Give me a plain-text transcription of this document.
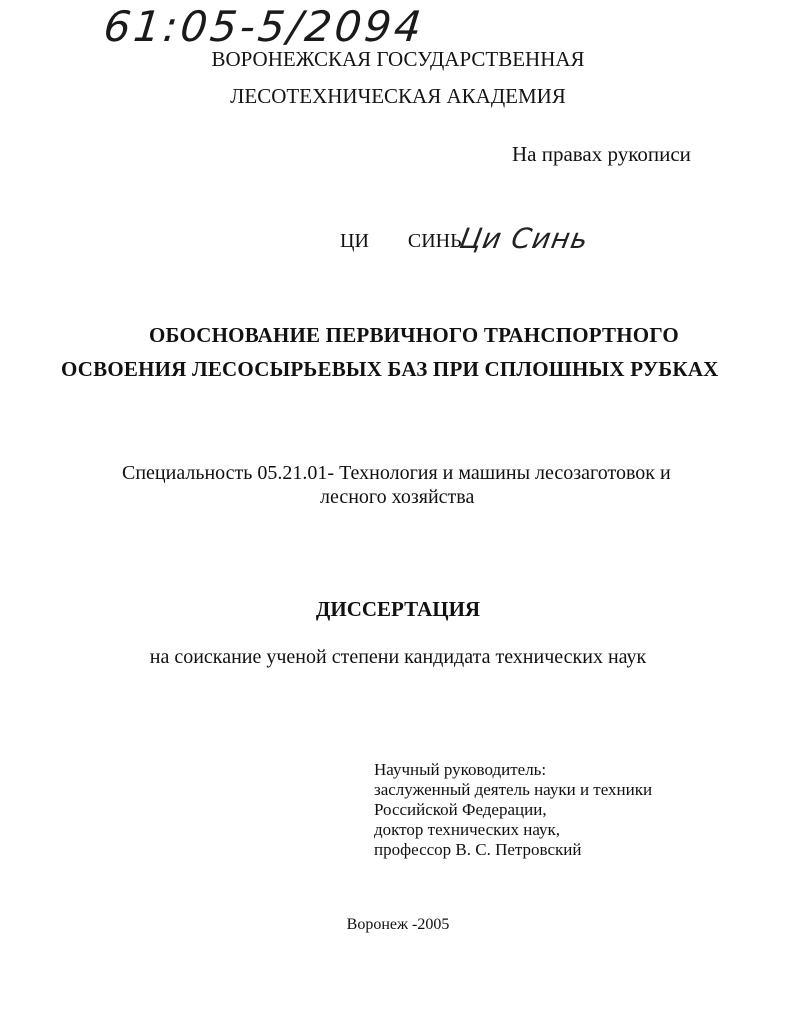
61:05-5/2094
ВОРОНЕЖСКАЯ ГОСУДАРСТВЕННАЯ
ЛЕСОТЕХНИЧЕСКАЯ АКАДЕМИЯ
На правах рукописи
ЦИ СИНЬ
Ци Синь
ОБОСНОВАНИЕ ПЕРВИЧНОГО ТРАНСПОРТНОГО
ОСВОЕНИЯ ЛЕСОСЫРЬЕВЫХ БАЗ ПРИ СПЛОШНЫХ РУБКАХ
Специальность 05.21.01- Технология и машины лесозаготовок и
лесного хозяйства
ДИССЕРТАЦИЯ
на соискание ученой степени кандидата технических наук
Научный руководитель:
заслуженный деятель науки и техники
Российской Федерации,
доктор технических наук,
профессор В. С. Петровский
Воронеж -2005
